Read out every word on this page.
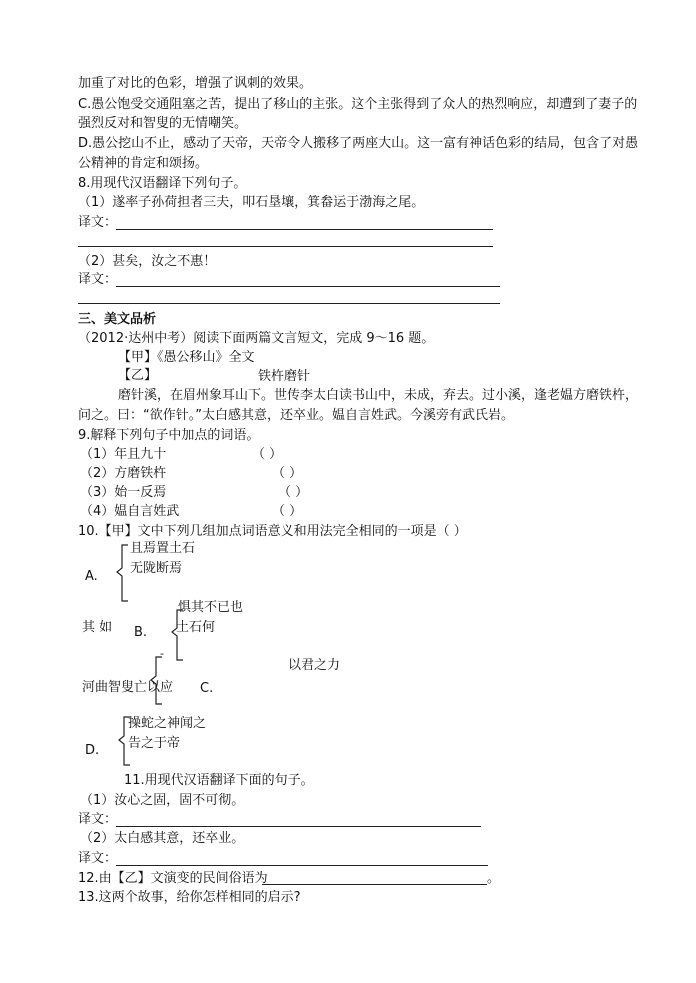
加重了对比的色彩，增强了讽刺的效果。
C.愚公饱受交通阻塞之苦，提出了移山的主张。这个主张得到了众人的热烈响应，却遭到了妻子的
强烈反对和智叟的无情嘲笑。
D.愚公挖山不止，感动了天帝，天帝令人搬移了两座大山。这一富有神话色彩的结局，包含了对愚
公精神的肯定和颂扬。
8.用现代汉语翻译下列句子。
（1）遂率子孙荷担者三夫，叩石垦壤，箕畚运于渤海之尾。
译文：
（2）甚矣，汝之不惠！
译文：
三、美文品析
（2012·达州中考）阅读下面两篇文言短文，完成 9～16 题。
【甲】《愚公移山》全文
【乙】	铁杵磨针
磨针溪，在眉州象耳山下。世传李太白读书山中，未成，弃去。过小溪，逢老媪方磨铁杵，
问之。曰：“欲作针。”太白感其意，还卒业。媪自言姓武。今溪旁有武氏岩。
9.解释下列句子中加点的词语。
（1）年且九十	（ ）
（2）方磨铁杵	（ ）
（3）始一反焉	（ ）
（4）媪自言姓武	（ ）
10.【甲】文中下列几组加点词语意义和用法完全相同的一项是（ ）
且焉置土石
A.
无陇断焉
惧其不已也
其 如 B. 土石何
-
以君之力
河曲智叟亡以应 C.
操蛇之神闻之
告之于帝
D.
11.用现代汉语翻译下面的句子。
（1）汝心之固，固不可彻。
译文：
（2）太白感其意，还卒业。
译文：
12.由【乙】文演变的民间俗语为	。
13.这两个故事，给你怎样相同的启示?
